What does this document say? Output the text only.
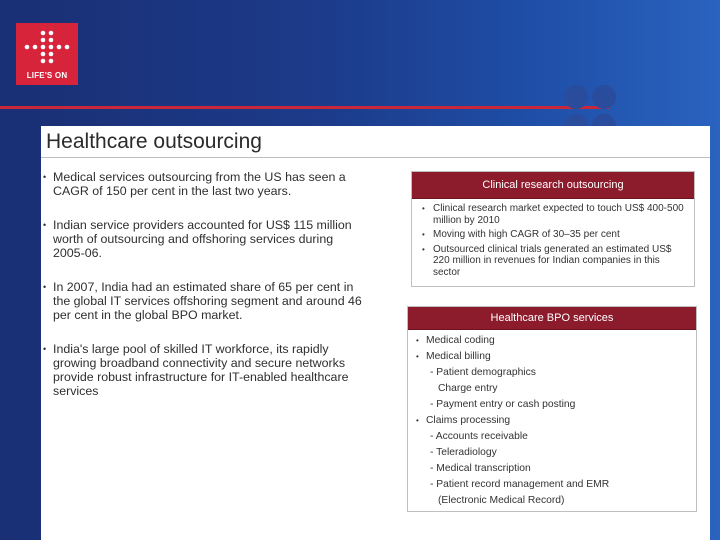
LIFE'S ON
Healthcare outsourcing
• Medical services outsourcing from the US has seen a CAGR of 150 per cent in the last two years.
• Indian service providers accounted for US$ 115 million worth of outsourcing and offshoring services during 2005-06.
• In 2007, India had an estimated share of 65 per cent in the global IT services offshoring segment and around 46 per cent in the global BPO market.
• India's large pool of skilled IT workforce, its rapidly growing broadband connectivity and secure networks provide robust infrastructure for IT-enabled healthcare services
Clinical research outsourcing
• Clinical research market expected to touch US$ 400-500 million by 2010
• Moving with high CAGR of 30–35 per cent
• Outsourced clinical trials generated an estimated US$ 220 million in revenues for Indian companies in this sector
Healthcare BPO services
• Medical coding
• Medical billing
- Patient demographics
Charge entry
- Payment entry or cash posting
• Claims processing
- Accounts receivable
- Teleradiology
- Medical transcription
- Patient record management and EMR
(Electronic Medical Record)
